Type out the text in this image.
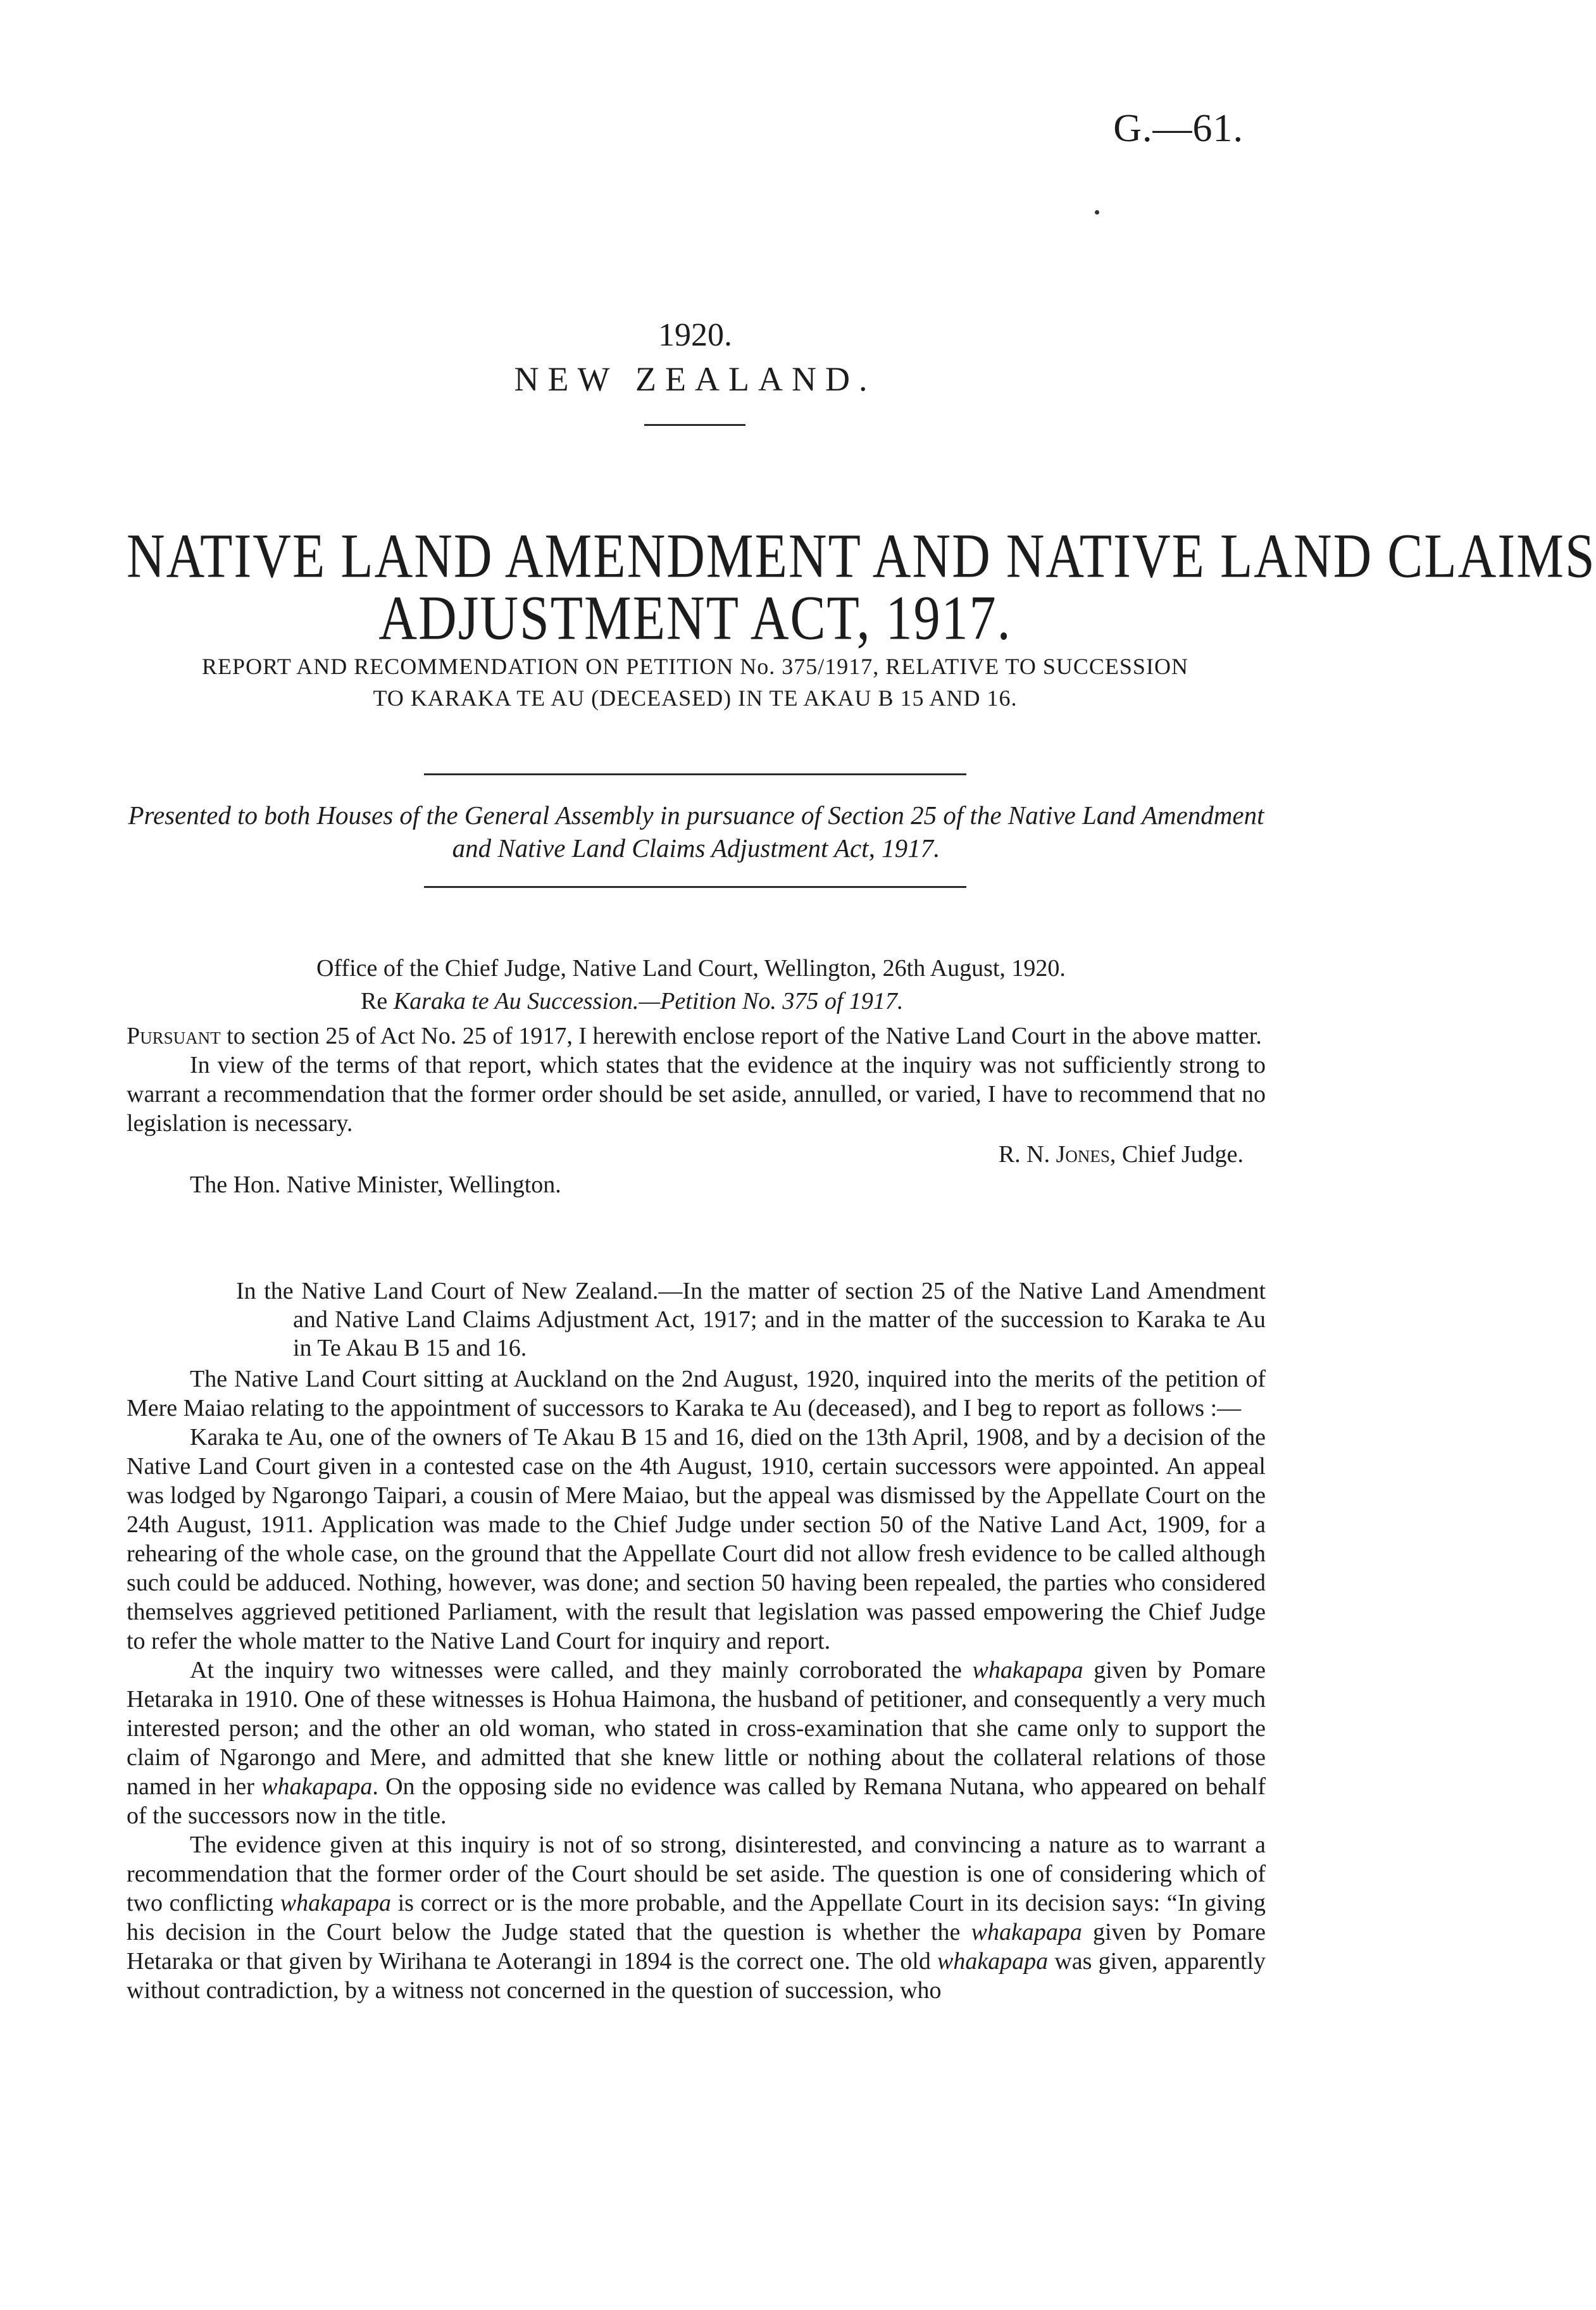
G.—61.
1920.
NEW ZEALAND.
NATIVE LAND AMENDMENT AND NATIVE LAND CLAIMS
ADJUSTMENT ACT, 1917.
REPORT AND RECOMMENDATION ON PETITION No. 375/1917, RELATIVE TO SUCCESSION
TO KARAKA TE AU (DECEASED) IN TE AKAU B 15 AND 16.
Presented to both Houses of the General Assembly in pursuance of Section 25 of the Native Land Amendment and Native Land Claims Adjustment Act, 1917.
Office of the Chief Judge, Native Land Court, Wellington, 26th August, 1920.
Re Karaka te Au Succession.—Petition No. 375 of 1917.

Pursuant to section 25 of Act No. 25 of 1917, I herewith enclose report of the Native Land Court in the above matter.

In view of the terms of that report, which states that the evidence at the inquiry was not sufficiently strong to warrant a recommendation that the former order should be set aside, annulled, or varied, I have to recommend that no legislation is necessary.

R. N. Jones, Chief Judge.
The Hon. Native Minister, Wellington.

In the Native Land Court of New Zealand.—In the matter of section 25 of the Native Land Amendment and Native Land Claims Adjustment Act, 1917; and in the matter of the succession to Karaka te Au in Te Akau B 15 and 16.

The Native Land Court sitting at Auckland on the 2nd August, 1920, inquired into the merits of the petition of Mere Maiao relating to the appointment of successors to Karaka te Au (deceased), and I beg to report as follows :—

Karaka te Au, one of the owners of Te Akau B 15 and 16, died on the 13th April, 1908, and by a decision of the Native Land Court given in a contested case on the 4th August, 1910, certain successors were appointed. An appeal was lodged by Ngarongo Taipari, a cousin of Mere Maiao, but the appeal was dismissed by the Appellate Court on the 24th August, 1911. Application was made to the Chief Judge under section 50 of the Native Land Act, 1909, for a rehearing of the whole case, on the ground that the Appellate Court did not allow fresh evidence to be called although such could be adduced. Nothing, however, was done; and section 50 having been repealed, the parties who considered themselves aggrieved petitioned Parliament, with the result that legislation was passed empowering the Chief Judge to refer the whole matter to the Native Land Court for inquiry and report.

At the inquiry two witnesses were called, and they mainly corroborated the whakapapa given by Pomare Hetaraka in 1910. One of these witnesses is Hohua Haimona, the husband of petitioner, and consequently a very much interested person; and the other an old woman, who stated in cross-examination that she came only to support the claim of Ngarongo and Mere, and admitted that she knew little or nothing about the collateral relations of those named in her whakapapa. On the opposing side no evidence was called by Remana Nutana, who appeared on behalf of the successors now in the title.

The evidence given at this inquiry is not of so strong, disinterested, and convincing a nature as to warrant a recommendation that the former order of the Court should be set aside. The question is one of considering which of two conflicting whakapapa is correct or is the more probable, and the Appellate Court in its decision says: “In giving his decision in the Court below the Judge stated that the question is whether the whakapapa given by Pomare Hetaraka or that given by Wirihana te Aoterangi in 1894 is the correct one. The old whakapapa was given, apparently without contradiction, by a witness not concerned in the question of succession, who
